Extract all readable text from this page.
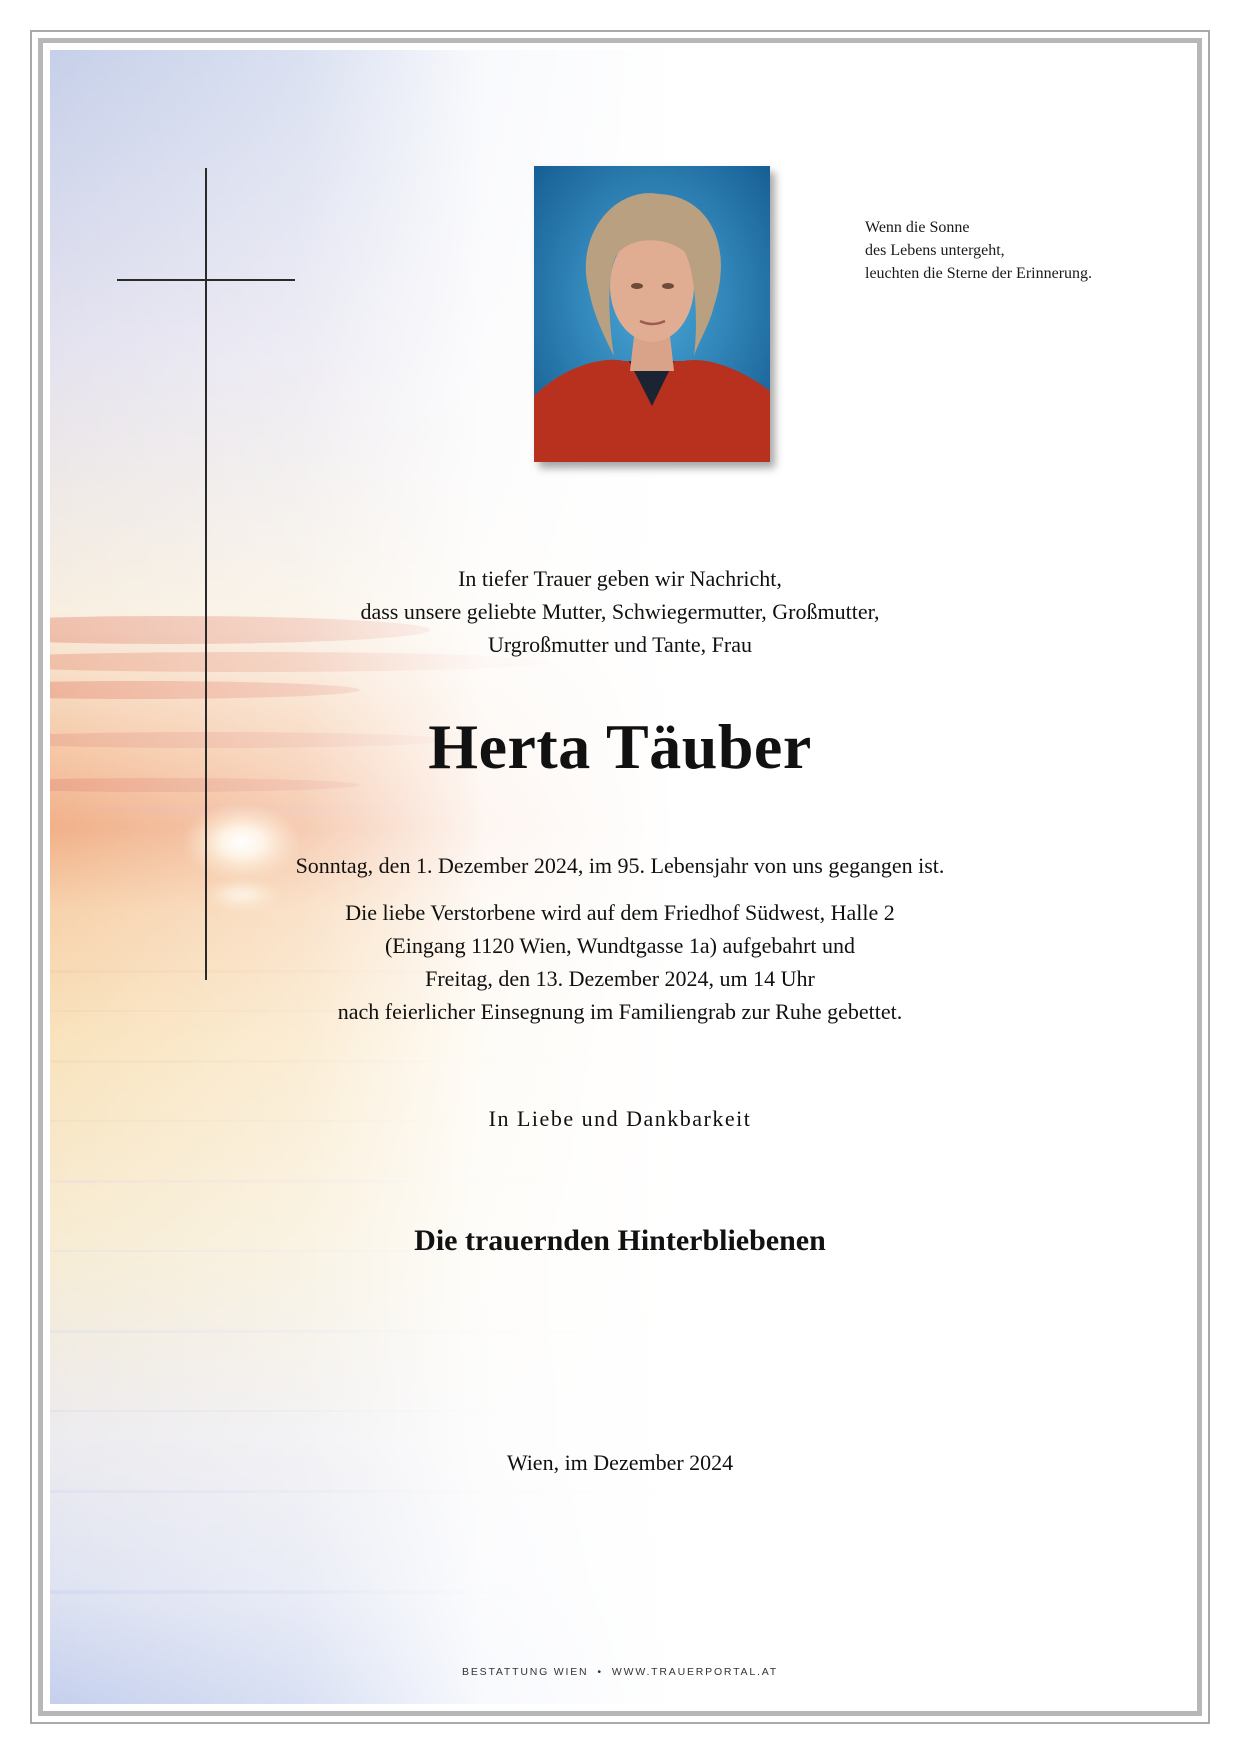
Wenn die Sonne
des Lebens untergeht,
leuchten die Sterne der Erinnerung.
In tiefer Trauer geben wir Nachricht,
dass unsere geliebte Mutter, Schwiegermutter, Großmutter,
Urgroßmutter und Tante, Frau
Herta Täuber
Sonntag, den 1. Dezember 2024, im 95. Lebensjahr von uns gegangen ist.
Die liebe Verstorbene wird auf dem Friedhof Südwest, Halle 2
(Eingang 1120 Wien, Wundtgasse 1a) aufgebahrt und
Freitag, den 13. Dezember 2024, um 14 Uhr
nach feierlicher Einsegnung im Familiengrab zur Ruhe gebettet.
In Liebe und Dankbarkeit
Die trauernden Hinterbliebenen
Wien, im Dezember 2024
BESTATTUNG WIEN • WWW.TRAUERPORTAL.AT
